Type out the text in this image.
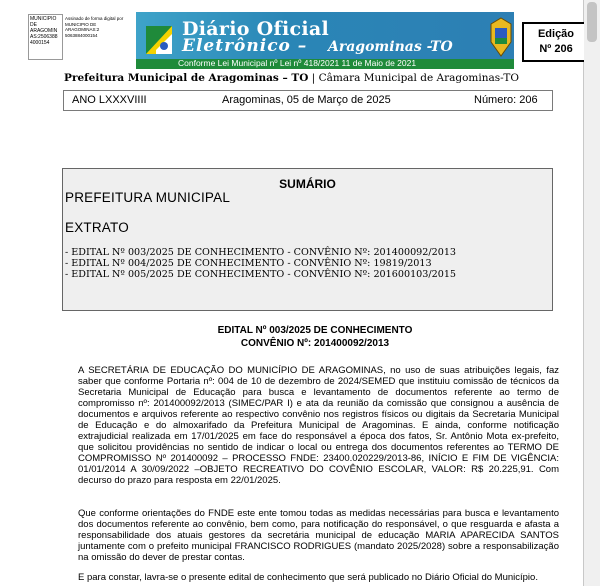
MUNICIPIO DE ARAGOMIN AS:2506388 4000154
Assinado de forma digital por MUNICIPIO DE ARAGOMINAS:2 5063884000154	Diário Oficial
Eletrônico – Aragominas -TO
Conforme Lei Municipal nº Lei nº 418/2021 11 de Maio de 2021
Edição
Nº 206
Prefeitura Municipal de Aragominas – TO | Câmara Municipal de Aragominas-TO
ANO LXXXVIIII	Aragominas, 05 de Março de 2025	Número: 206
SUMÁRIO
PREFEITURA MUNICIPAL
EXTRATO
- EDITAL Nº 003/2025 DE CONHECIMENTO - CONVÊNIO Nº: 201400092/2013
- EDITAL Nº 004/2025 DE CONHECIMENTO - CONVÊNIO Nº: 19819/2013
- EDITAL Nº 005/2025 DE CONHECIMENTO - CONVÊNIO Nº: 201600103/2015
EDITAL Nº 003/2025 DE CONHECIMENTO
CONVÊNIO Nº: 201400092/2013
A SECRETÁRIA DE EDUCAÇÃO DO MUNICÍPIO DE ARAGOMINAS, no uso de suas atribuições legais, faz saber que conforme Portaria nº: 004 de 10 de dezembro de 2024/SEMED que instituiu comissão de técnicos da Secretaria Municipal de Educação para busca e levantamento de documentos referente ao termo de compromisso nº: 201400092/2013 (SIMEC/PAR I) e ata da reunião da comissão que consignou a ausência de documentos e arquivos referente ao respectivo convênio nos registros físicos ou digitais da Secretaria Municipal de Educação e do almoxarifado da Prefeitura Municipal de Aragominas. E ainda, conforme notificação extrajudicial realizada em 17/01/2025 em face do responsável a época dos fatos, Sr. Antônio Mota ex-prefeito, que solicitou providências no sentido de indicar o local ou entrega dos documentos referentes ao TERMO DE COMPROMISSO Nº 201400092 – PROCESSO FNDE: 23400.020229/2013-86, INÍCIO E FIM DE VIGÊNCIA: 01/01/2014 A 30/09/2022 –OBJETO RECREATIVO DO COVÊNIO ESCOLAR, VALOR: R$ 20.225,91. Com decurso do prazo para resposta em 22/01/2025.
Que conforme orientações do FNDE este ente tomou todas as medidas necessárias para busca e levantamento dos documentos referente ao convênio, bem como, para notificação do responsável, o que resguarda e afasta a responsabilidade dos atuais gestores da secretária municipal de educação MARIA APARECIDA SANTOS juntamente com o prefeito municipal FRANCISCO RODRIGUES (mandato 2025/2028) sobre a responsabilização na omissão do dever de prestar contas.
E para constar, lavra-se o presente edital de conhecimento que será publicado no Diário Oficial do Município.
